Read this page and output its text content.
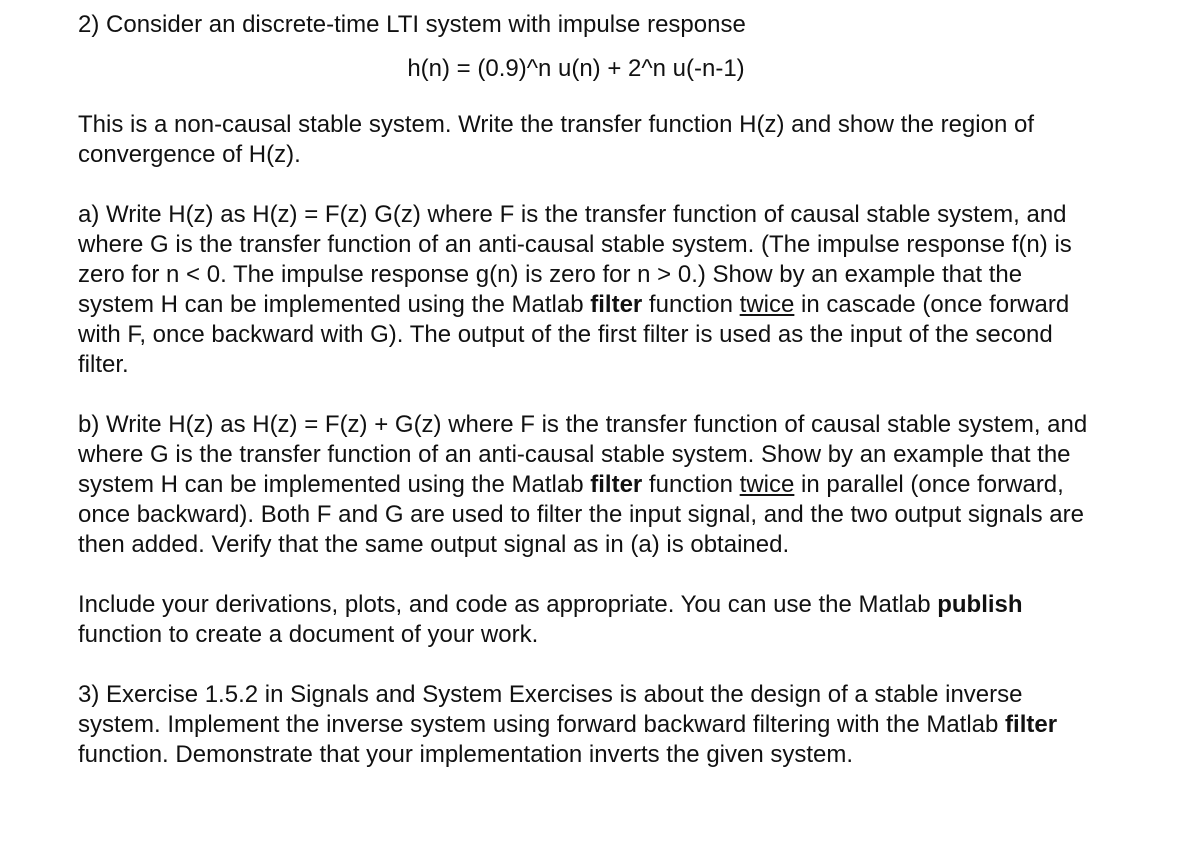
2) Consider an discrete-time LTI system with impulse response

h(n) = (0.9)^n u(n) + 2^n u(-n-1)

This is a non-causal stable system. Write the transfer function H(z) and show the region of convergence of H(z).

a) Write H(z) as H(z) = F(z) G(z) where F is the transfer function of causal stable system, and where G is the transfer function of an anti-causal stable system. (The impulse response f(n) is zero for n < 0. The impulse response g(n) is zero for n > 0.) Show by an example that the system H can be implemented using the Matlab filter function twice in cascade (once forward with F, once backward with G). The output of the first filter is used as the input of the second filter.

b) Write H(z) as H(z) = F(z) + G(z) where F is the transfer function of causal stable system, and where G is the transfer function of an anti-causal stable system. Show by an example that the system H can be implemented using the Matlab filter function twice in parallel (once forward, once backward). Both F and G are used to filter the input signal, and the two output signals are then added. Verify that the same output signal as in (a) is obtained.

Include your derivations, plots, and code as appropriate. You can use the Matlab publish function to create a document of your work.

3) Exercise 1.5.2 in Signals and System Exercises is about the design of a stable inverse system. Implement the inverse system using forward backward filtering with the Matlab filter function. Demonstrate that your implementation inverts the given system.
